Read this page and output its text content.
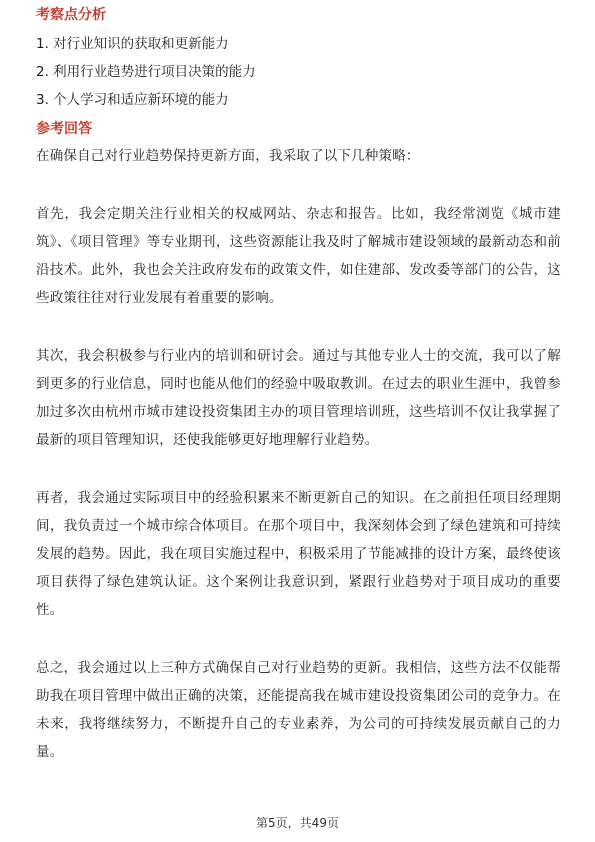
考察点分析
1. 对行业知识的获取和更新能力
2. 利用行业趋势进行项目决策的能力
3. 个人学习和适应新环境的能力
参考回答

在确保自己对行业趋势保持更新方面，我采取了以下几种策略：

首先，我会定期关注行业相关的权威网站、杂志和报告。比如，我经常浏览《城市建筑》、《项目管理》等专业期刊，这些资源能让我及时了解城市建设领域的最新动态和前沿技术。此外，我也会关注政府发布的政策文件，如住建部、发改委等部门的公告，这些政策往往对行业发展有着重要的影响。

其次，我会积极参与行业内的培训和研讨会。通过与其他专业人士的交流，我可以了解到更多的行业信息，同时也能从他们的经验中吸取教训。在过去的职业生涯中，我曾参加过多次由杭州市城市建设投资集团主办的项目管理培训班，这些培训不仅让我掌握了最新的项目管理知识，还使我能够更好地理解行业趋势。

再者，我会通过实际项目中的经验积累来不断更新自己的知识。在之前担任项目经理期间，我负责过一个城市综合体项目。在那个项目中，我深刻体会到了绿色建筑和可持续发展的趋势。因此，我在项目实施过程中，积极采用了节能减排的设计方案，最终使该项目获得了绿色建筑认证。这个案例让我意识到，紧跟行业趋势对于项目成功的重要性。

总之，我会通过以上三种方式确保自己对行业趋势的更新。我相信，这些方法不仅能帮助我在项目管理中做出正确的决策，还能提高我在城市建设投资集团公司的竞争力。在未来，我将继续努力，不断提升自己的专业素养，为公司的可持续发展贡献自己的力量。

第5页，共49页
